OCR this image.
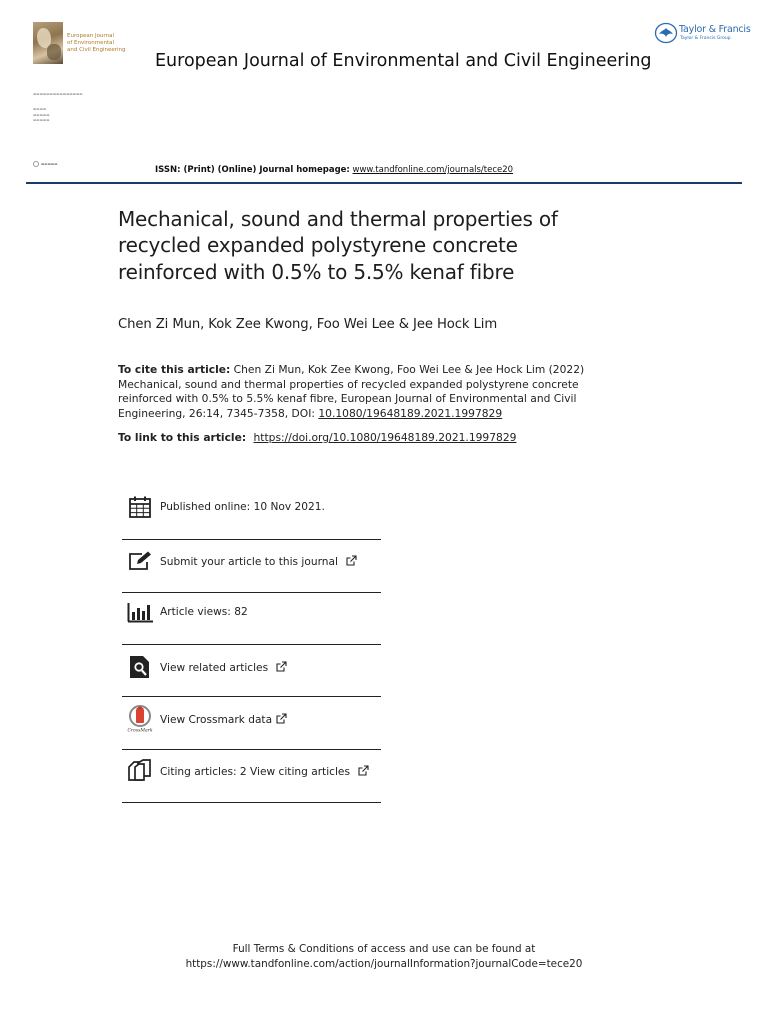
European Journal
of Environmental
and Civil Engineering
▬▬▬▬▬▬▬▬▬▬▬▬▬▬▬
▬▬▬▬
▬▬▬▬▬
▬▬▬▬▬
European Journal of Environmental and Civil Engineering
Taylor & Francis
Taylor & Francis Group
▬▬▬▬▬
ISSN: (Print) (Online) Journal homepage: www.tandfonline.com/journals/tece20
Mechanical, sound and thermal properties of recycled expanded polystyrene concrete reinforced with 0.5% to 5.5% kenaf fibre
Chen Zi Mun, Kok Zee Kwong, Foo Wei Lee & Jee Hock Lim
To cite this article: Chen Zi Mun, Kok Zee Kwong, Foo Wei Lee & Jee Hock Lim (2022) Mechanical, sound and thermal properties of recycled expanded polystyrene concrete reinforced with 0.5% to 5.5% kenaf fibre, European Journal of Environmental and Civil Engineering, 26:14, 7345-7358, DOI: 10.1080/19648189.2021.1997829
To link to this article: https://doi.org/10.1080/19648189.2021.1997829
Published online: 10 Nov 2021.
Submit your article to this journal
Article views: 82
View related articles
CrossMark
View Crossmark data
Citing articles: 2 View citing articles
Full Terms & Conditions of access and use can be found at
https://www.tandfonline.com/action/journalInformation?journalCode=tece20
